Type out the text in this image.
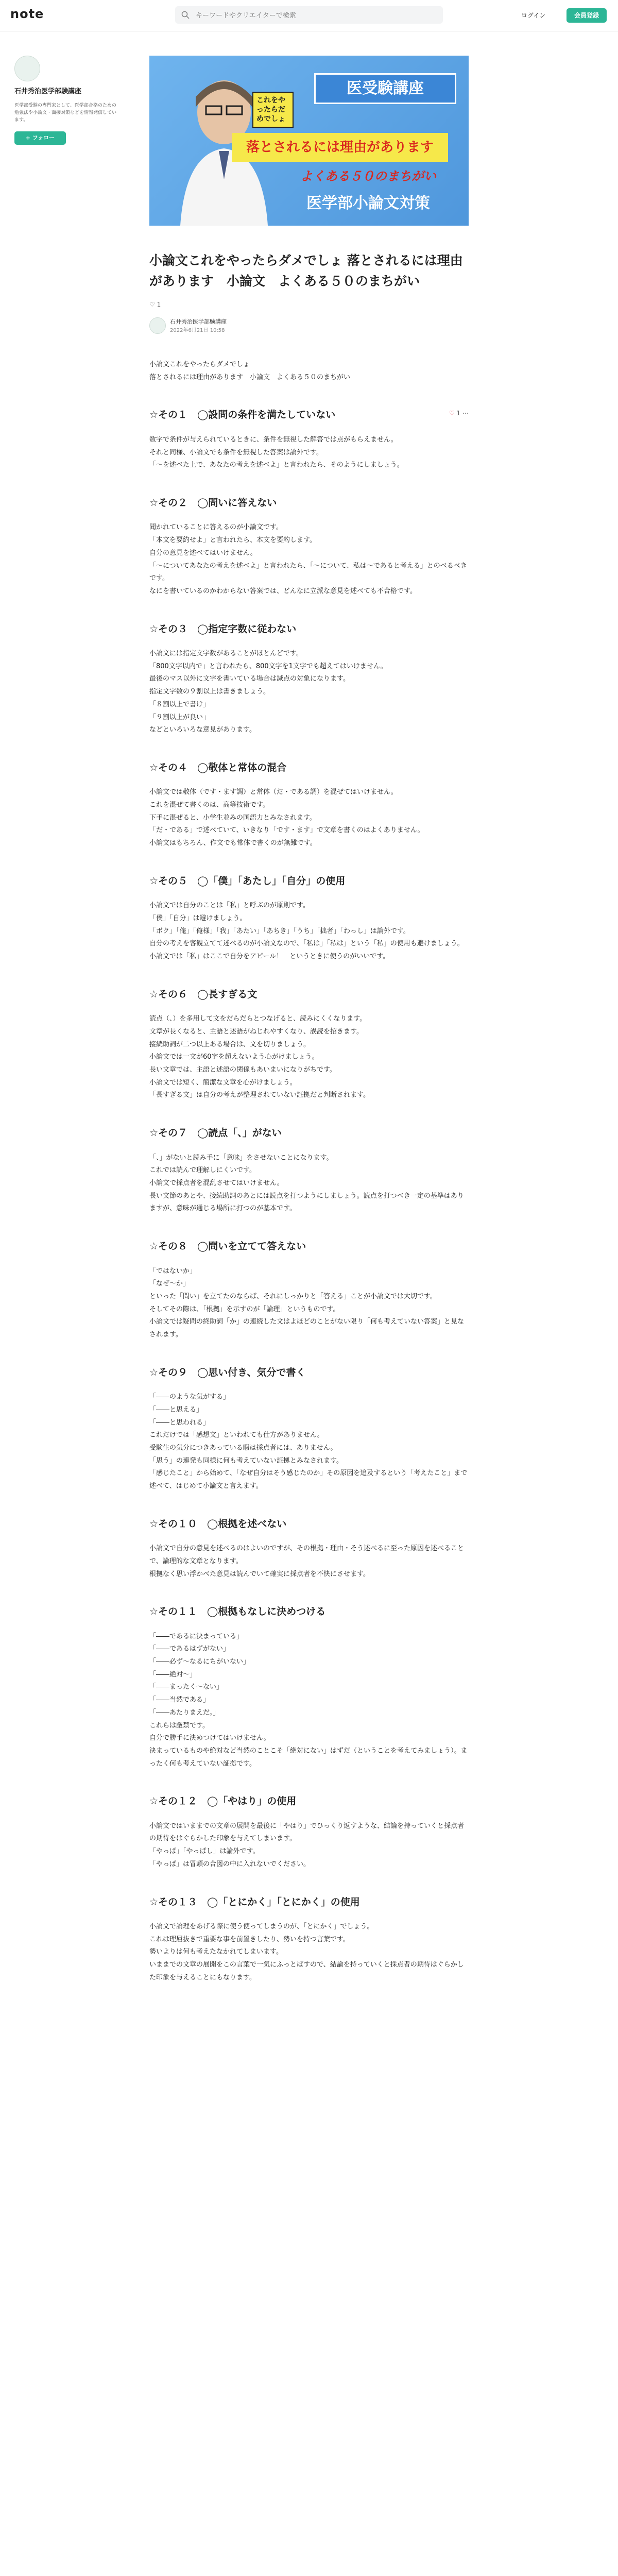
note
キーワードやクリエイターで検索	ログイン	会員登録
石井秀治医学部験講座
医学部受験の専門家として、医学部合格のための勉強法や小論文・面接対策などを情報発信しています。
+ フォロー
これをやったらだめでしょ
医受験講座
落とされるには理由があります
よくある５０のまちがい
医学部小論文対策
小論文これをやったらダメでしょ 落とされるには理由があります　小論文　よくある５０のまちがい
♡ 1
石井秀治医学部験講座
2022年6月21日 10:58
小論文これをやったらダメでしょ
落とされるには理由があります　小論文　よくある５０のまちがい
☆その１　◯設問の条件を満たしていない	♡ 1 ⋯

数字で条件が与えられているときに、条件を無視した解答では点がもらえません。

それと同様、小論文でも条件を無視した答案は論外です。

「〜を述べた上で、あなたの考えを述べよ」と言われたら、そのようにしましょう。

☆その２　◯問いに答えない

聞かれていることに答えるのが小論文です。

「本文を要約せよ」と言われたら、本文を要約します。

自分の意見を述べてはいけません。

「〜についてあなたの考えを述べよ」と言われたら、「〜について、私は〜であると考える」とのべるべきです。

なにを書いているのかわからない答案では、どんなに立派な意見を述べても不合格です。

☆その３　◯指定字数に従わない

小論文には指定文字数があることがほとんどです。

「800文字以内で」と言われたら、800文字を1文字でも超えてはいけません。

最後のマス以外に文字を書いている場合は減点の対象になります。

指定文字数の９割以上は書きましょう。

「８割以上で書け」

「９割以上が良い」

などといろいろな意見があります。

☆その４　◯敬体と常体の混合

小論文では敬体（です・ます調）と常体（だ・である調）を混ぜてはいけません。

これを混ぜて書くのは、高等技術です。

下手に混ぜると、小学生並みの国語力とみなされます。

「だ・である」で述べていて、いきなり「です・ます」で文章を書くのはよくありません。

小論文はもちろん、作文でも常体で書くのが無難です。

☆その５　◯「僕」「あたし」「自分」の使用

小論文では自分のことは「私」と呼ぶのが原則です。

「僕」「自分」は避けましょう。

「ボク」「俺」「俺様」「我」「あたい」「あちき」「うち」「拙者」「わっし」は論外です。

自分の考えを客観立てて述べるのが小論文なので、「私は」「私は」という「私」の使用も避けましょう。

小論文では「私」はここで自分をアピール！　というときに使うのがいいです。

☆その６　◯長すぎる文

読点（、）を多用して文をだらだらとつなげると、読みにくくなります。

文章が長くなると、主語と述語がねじれやすくなり、誤読を招きます。

接続助詞が二つ以上ある場合は、文を切りましょう。

小論文では一文が60字を超えないよう心がけましょう。

長い文章では、主語と述語の関係もあいまいになりがちです。

小論文では短く、簡潔な文章を心がけましょう。

「長すぎる文」は自分の考えが整理されていない証拠だと判断されます。

☆その７　◯読点「、」がない

「、」がないと読み手に「意味」をさせないことになります。

これでは読んで理解しにくいです。

小論文で採点者を混乱させてはいけません。

長い文節のあとや、接続助詞のあとには読点を打つようにしましょう。読点を打つべき一定の基準はありますが、意味が通じる場所に打つのが基本です。

☆その８　◯問いを立てて答えない

「ではないか」

「なぜ〜か」

といった「問い」を立てたのならば、それにしっかりと「答える」ことが小論文では大切です。

そしてその際は、「根拠」を示すのが「論理」というものです。

小論文では疑問の終助詞「か」の連続した文はよほどのことがない限り「何も考えていない答案」と見なされます。

☆その９　◯思い付き、気分で書く

「――のような気がする」

「――と思える」

「――と思われる」

これだけでは「感想文」といわれても仕方がありません。

受験生の気分につきあっている暇は採点者には、ありません。

「思う」の連発も同様に何も考えていない証拠とみなされます。

「感じたこと」から始めて、「なぜ自分はそう感じたのか」その原因を追及するという「考えたこと」まで述べて、はじめて小論文と言えます。

☆その１０　◯根拠を述べない

小論文で自分の意見を述べるのはよいのですが、その根拠・理由・そう述べるに至った原因を述べることで、論理的な文章となります。

根拠なく思い浮かべた意見は読んでいて確実に採点者を不快にさせます。

☆その１１　◯根拠もなしに決めつける

「――であるに決まっている」

「――であるはずがない」

「――必ず〜なるにちがいない」

「――絶対〜」

「――まったく〜ない」

「――当然である」

「――あたりまえだ。」

これらは厳禁です。

自分で勝手に決めつけてはいけません。

決まっているものや絶対など当然のことこそ「絶対にない」はずだ（ということを考えてみましょう）。まったく何も考えていない証拠です。

☆その１２　◯「やはり」の使用

小論文ではいままでの文章の展開を最後に「やはり」でひっくり返すような、結論を持っていくと採点者の期待をはぐらかした印象を与えてしまいます。

「やっぱ」「やっぱし」は論外です。

「やっぱ」は冒頭の合図の中に入れないでください。

☆その１３　◯「とにかく」「とにかく」の使用

小論文で論理をあげる際に使う使ってしまうのが、「とにかく」でしょう。

これは理屈抜きで重要な事を前置きしたり、勢いを持つ言葉です。

勢いよりは何も考えたなかれてしまいます。

いままでの文章の展開をこの言葉で一気にふっとばすので、結論を持っていくと採点者の期待はぐらかした印象を与えることにもなります。
